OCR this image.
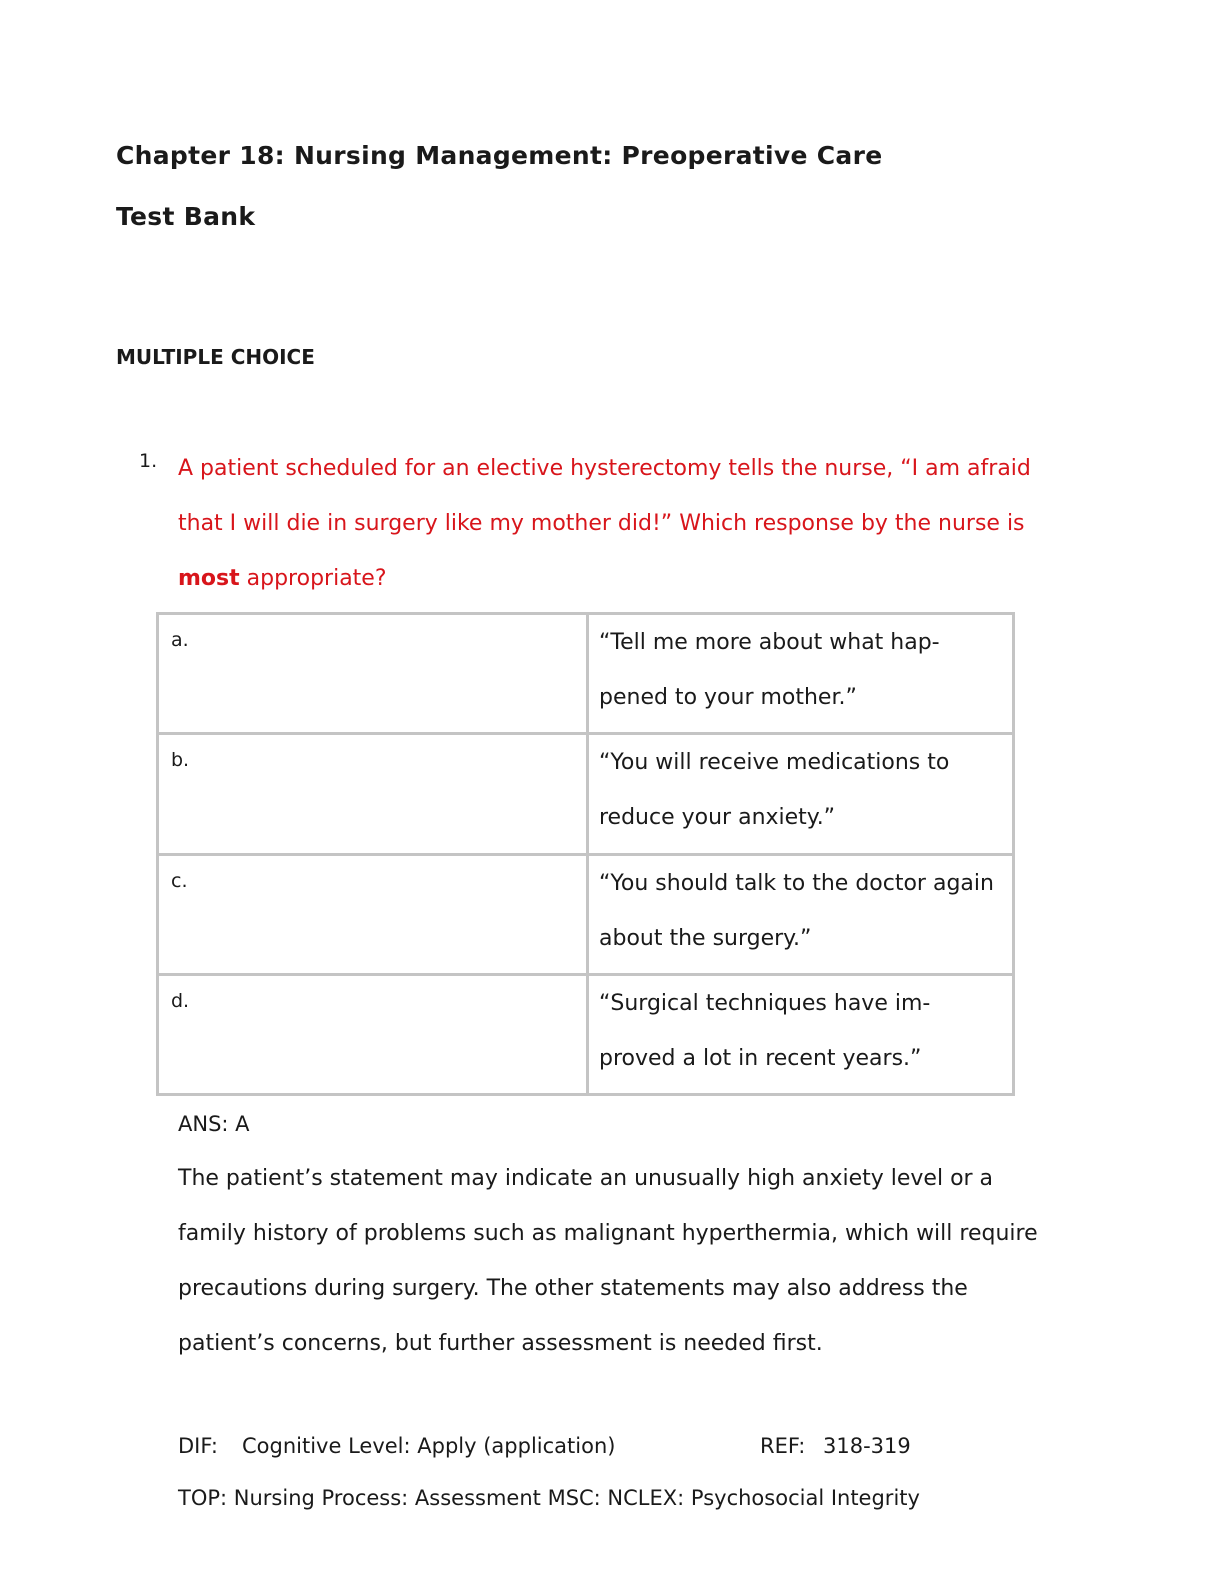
Chapter 18: Nursing Management: Preoperative Care
Test Bank
MULTIPLE CHOICE
1. A patient scheduled for an elective hysterectomy tells the nurse, “I am afraid that I will die in surgery like my mother did!” Which response by the nurse is most appropriate?
a.	“Tell me more about what hap-pened to your mother.”
b.	“You will receive medications to reduce your anxiety.”
c.	“You should talk to the doctor again about the surgery.”
d.	“Surgical techniques have im-proved a lot in recent years.”
ANS: A
The patient’s statement may indicate an unusually high anxiety level or a family history of problems such as malignant hyperthermia, which will require precautions during surgery. The other statements may also address the patient’s concerns, but further assessment is needed first.
DIF: Cognitive Level: Apply (application)	REF: 318-319
TOP: Nursing Process: Assessment MSC: NCLEX: Psychosocial Integrity
